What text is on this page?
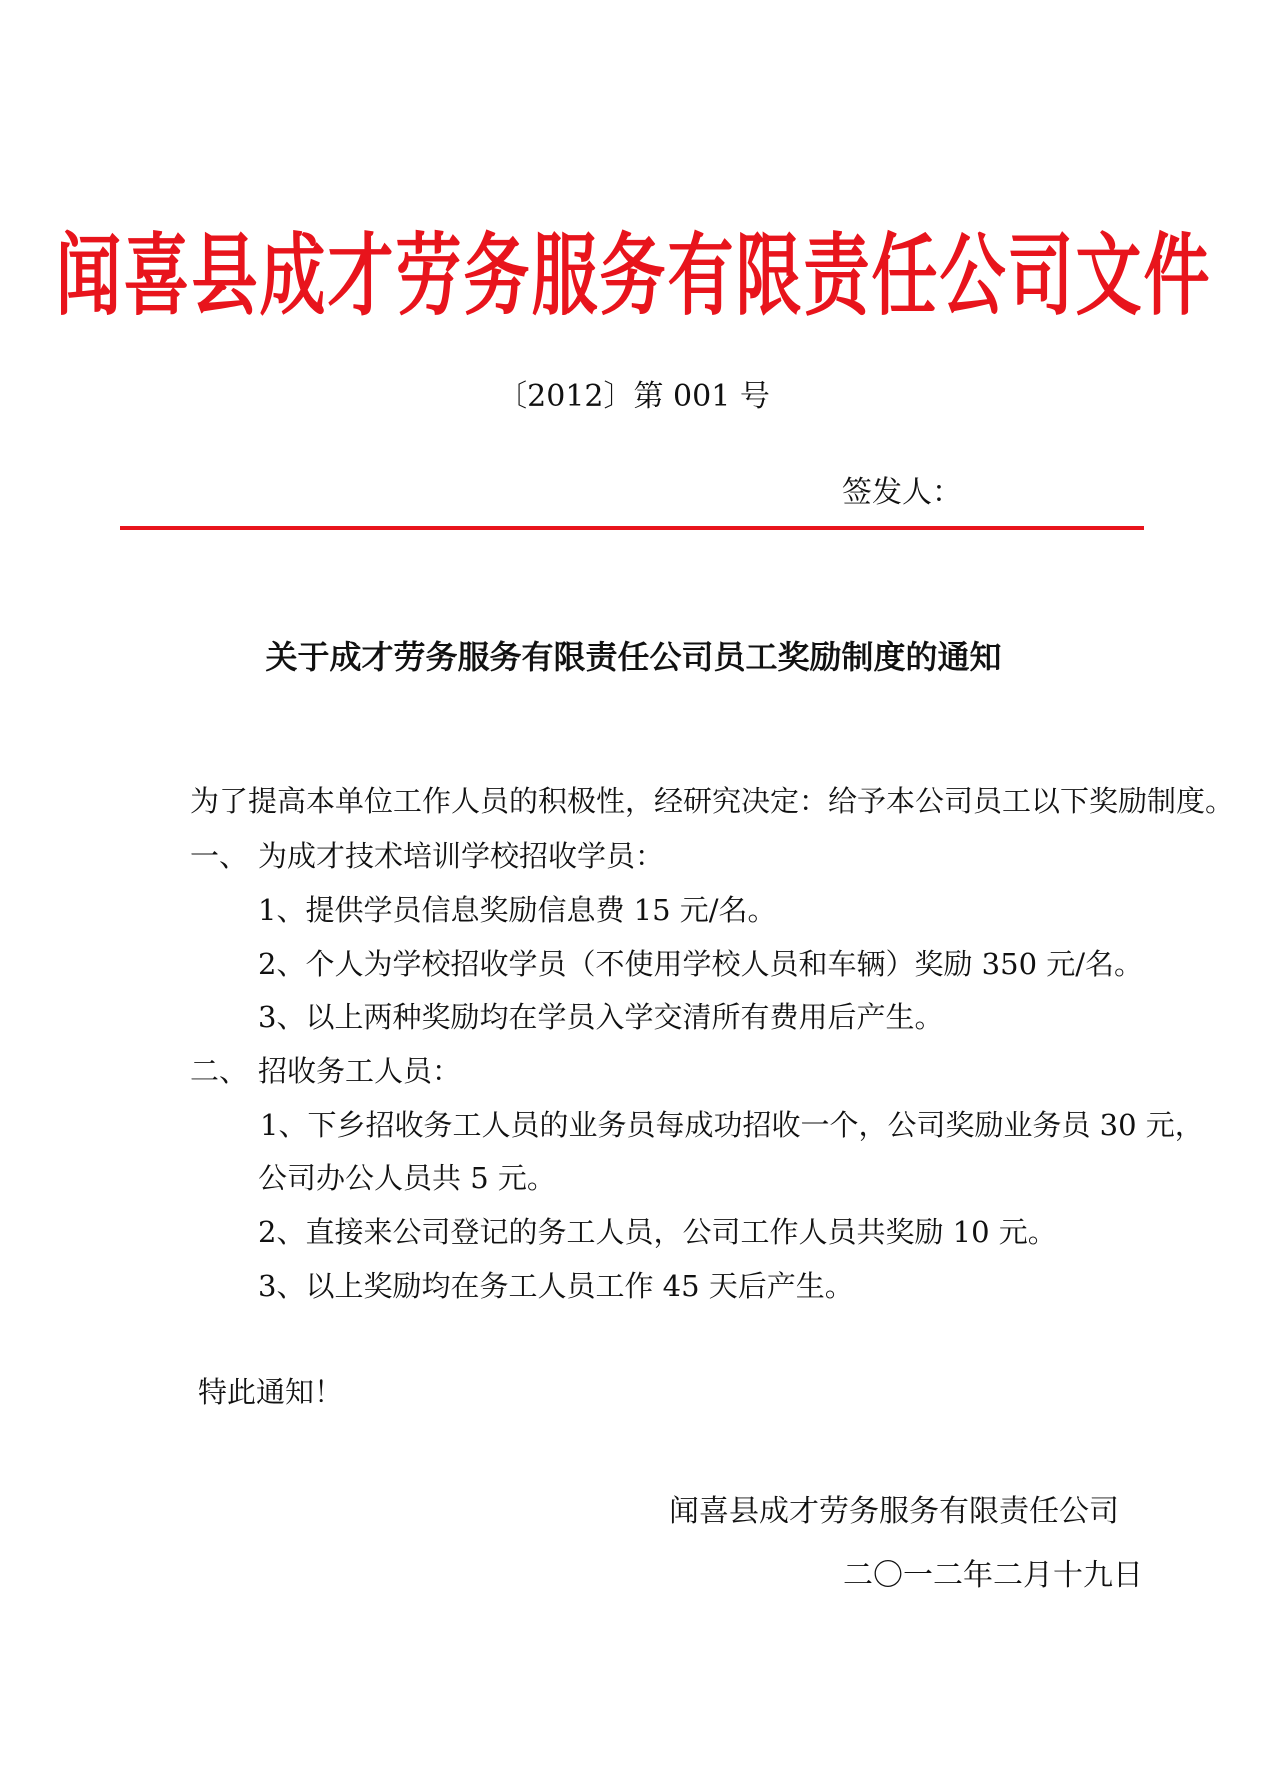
闻喜县成才劳务服务有限责任公司文件
〔2012〕第 001 号
签发人：
关于成才劳务服务有限责任公司员工奖励制度的通知
为了提高本单位工作人员的积极性，经研究决定：给予本公司员工以下奖励制度。
一、 为成才技术培训学校招收学员：
1、提供学员信息奖励信息费 15 元/名。
2、个人为学校招收学员（不使用学校人员和车辆）奖励 350 元/名。
3、以上两种奖励均在学员入学交清所有费用后产生。
二、 招收务工人员：
1、下乡招收务工人员的业务员每成功招收一个，公司奖励业务员 30 元，
公司办公人员共 5 元。
2、直接来公司登记的务工人员，公司工作人员共奖励 10 元。
3、以上奖励均在务工人员工作 45 天后产生。
特此通知！
闻喜县成才劳务服务有限责任公司
二〇一二年二月十九日
